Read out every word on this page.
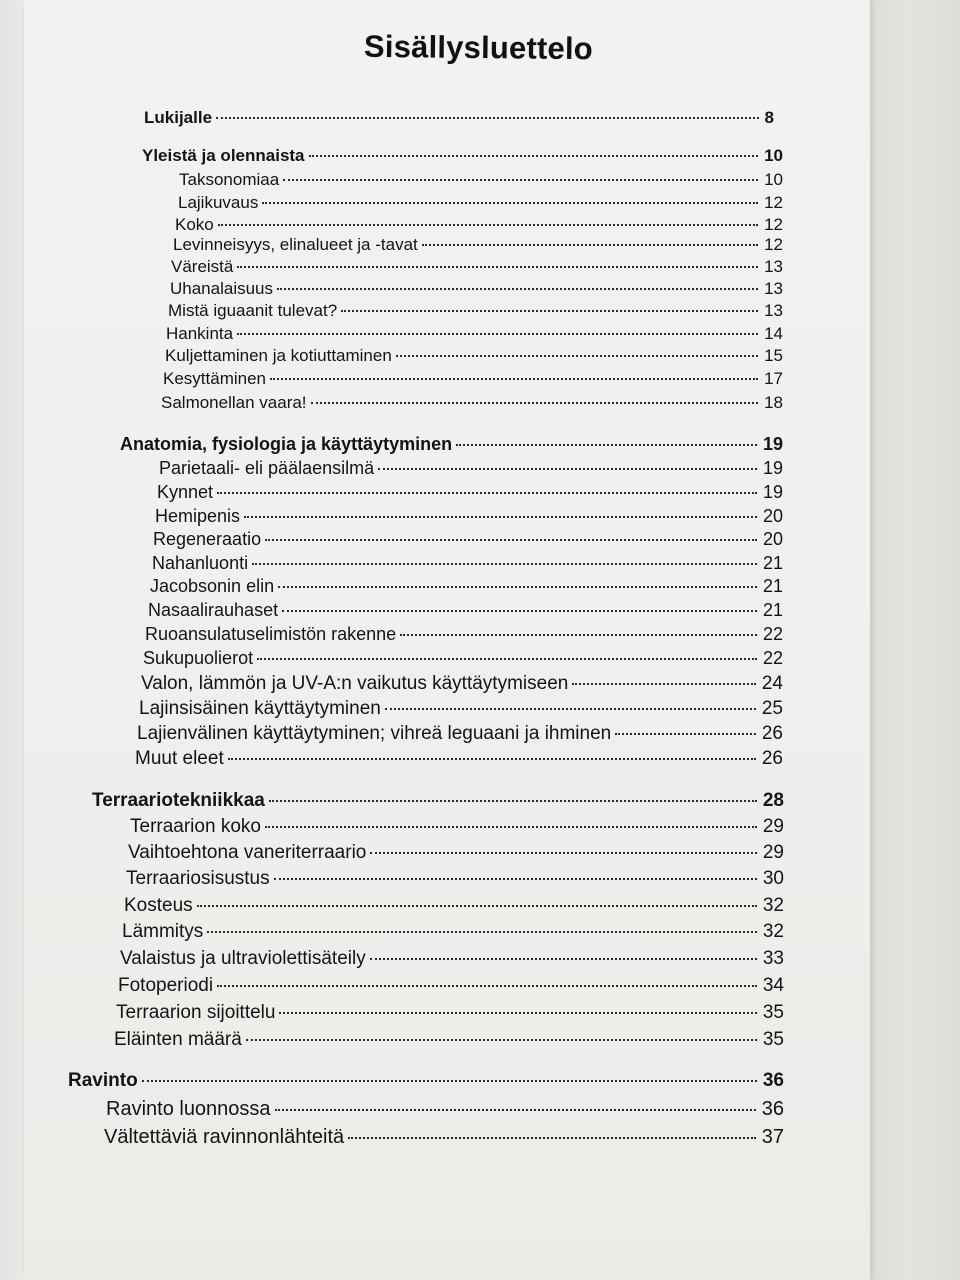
Sisällysluettelo
Lukijalle	8
Yleistä ja olennaista	10
Taksonomiaa	10
Lajikuvaus	12
Koko	12
Levinneisyys, elinalueet ja -tavat	12
Väreistä	13
Uhanalaisuus	13
Mistä iguaanit tulevat?	13
Hankinta	14
Kuljettaminen ja kotiuttaminen	15
Kesyttäminen	17
Salmonellan vaara!	18
Anatomia, fysiologia ja käyttäytyminen	19
Parietaali- eli päälaensilmä	19
Kynnet	19
Hemipenis	20
Regeneraatio	20
Nahanluonti	21
Jacobsonin elin	21
Nasaalirauhaset	21
Ruoansulatuselimistön rakenne	22
Sukupuolierot	22
Valon, lämmön ja UV-A:n vaikutus käyttäytymiseen	24
Lajinsisäinen käyttäytyminen	25
Lajienvälinen käyttäytyminen; vihreä leguaani ja ihminen	26
Muut eleet	26
Terraariotekniikkaa	28
Terraarion koko	29
Vaihtoehtona vaneriterraario	29
Terraariosisustus	30
Kosteus	32
Lämmitys	32
Valaistus ja ultraviolettisäteily	33
Fotoperiodi	34
Terraarion sijoittelu	35
Eläinten määrä	35
Ravinto	36
Ravinto luonnossa	36
Vältettäviä ravinnonlähteitä	37
